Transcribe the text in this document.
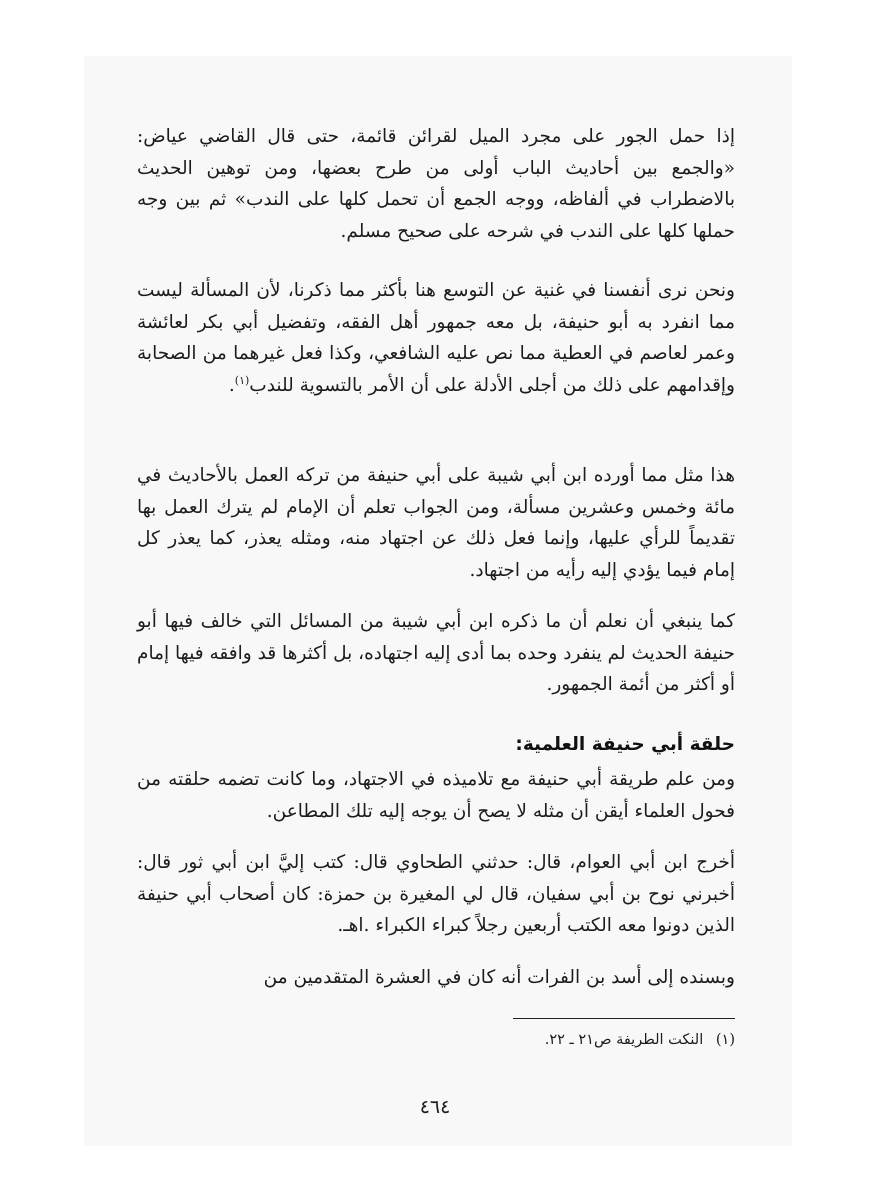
إذا حمل الجور على مجرد الميل لقرائن قائمة، حتى قال القاضي عياض: «والجمع بين أحاديث الباب أولى من طرح بعضها، ومن توهين الحديث بالاضطراب في ألفاظه، ووجه الجمع أن تحمل كلها على الندب» ثم بين وجه حملها كلها على الندب في شرحه على صحيح مسلم.

ونحن نرى أنفسنا في غنية عن التوسع هنا بأكثر مما ذكرنا، لأن المسألة ليست مما انفرد به أبو حنيفة، بل معه جمهور أهل الفقه، وتفضيل أبي بكر لعائشة وعمر لعاصم في العطية مما نص عليه الشافعي، وكذا فعل غيرهما من الصحابة وإقدامهم على ذلك من أجلى الأدلة على أن الأمر بالتسوية للندب$^{(١)}$.

هذا مثل مما أورده ابن أبي شيبة على أبي حنيفة من تركه العمل بالأحاديث في مائة وخمس وعشرين مسألة، ومن الجواب تعلم أن الإمام لم يترك العمل بها تقديماً للرأي عليها، وإنما فعل ذلك عن اجتهاد منه، ومثله يعذر، كما يعذر كل إمام فيما يؤدي إليه رأيه من اجتهاد.

كما ينبغي أن نعلم أن ما ذكره ابن أبي شيبة من المسائل التي خالف فيها أبو حنيفة الحديث لم ينفرد وحده بما أدى إليه اجتهاده، بل أكثرها قد وافقه فيها إمام أو أكثر من أئمة الجمهور.

حلقة أبي حنيفة العلمية:

ومن علم طريقة أبي حنيفة مع تلاميذه في الاجتهاد، وما كانت تضمه حلقته من فحول العلماء أيقن أن مثله لا يصح أن يوجه إليه تلك المطاعن.

أخرج ابن أبي العوام، قال: حدثني الطحاوي قال: كتب إليَّ ابن أبي ثور قال: أخبرني نوح بن أبي سفيان، قال لي المغيرة بن حمزة: كان أصحاب أبي حنيفة الذين دونوا معه الكتب أربعين رجلاً كبراء الكبراء .اهـ.

وبسنده إلى أسد بن الفرات أنه كان في العشرة المتقدمين من

(١) النكت الطريفة ص٢١ ـ ٢٢.
٤٦٤
